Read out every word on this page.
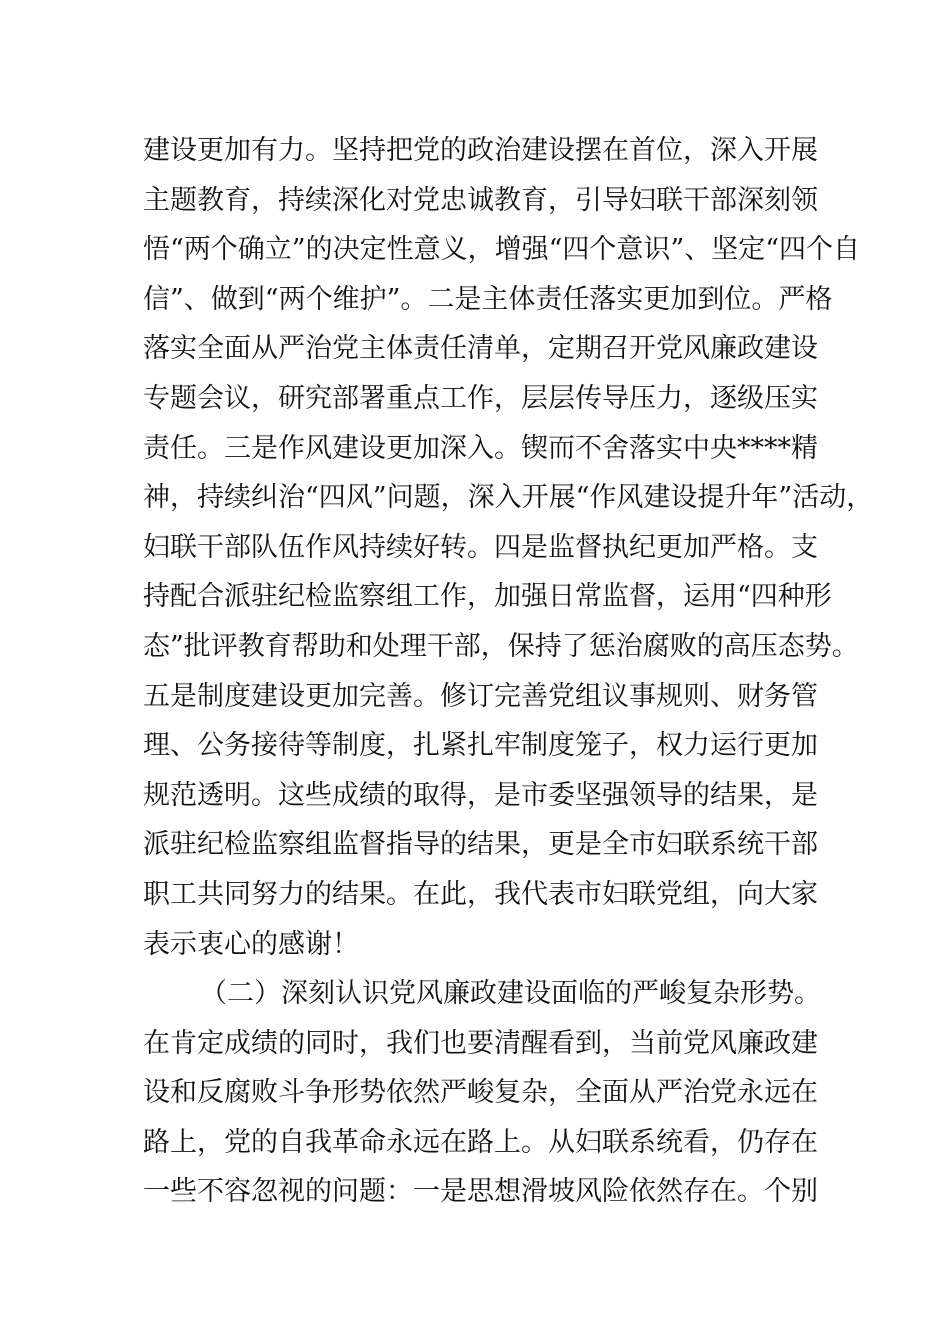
建设更加有力。坚持把党的政治建设摆在首位，深入开展
主题教育，持续深化对党忠诚教育，引导妇联干部深刻领
悟“两个确立”的决定性意义，增强“四个意识”、坚定“四个自
信”、做到“两个维护”。二是主体责任落实更加到位。严格
落实全面从严治党主体责任清单，定期召开党风廉政建设
专题会议，研究部署重点工作，层层传导压力，逐级压实
责任。三是作风建设更加深入。锲而不舍落实中央****精
神，持续纠治“四风”问题，深入开展“作风建设提升年”活动，
妇联干部队伍作风持续好转。四是监督执纪更加严格。支
持配合派驻纪检监察组工作，加强日常监督，运用“四种形
态”批评教育帮助和处理干部，保持了惩治腐败的高压态势。
五是制度建设更加完善。修订完善党组议事规则、财务管
理、公务接待等制度，扎紧扎牢制度笼子，权力运行更加
规范透明。这些成绩的取得，是市委坚强领导的结果，是
派驻纪检监察组监督指导的结果，更是全市妇联系统干部
职工共同努力的结果。在此，我代表市妇联党组，向大家
表示衷心的感谢！
（二）深刻认识党风廉政建设面临的严峻复杂形势。
在肯定成绩的同时，我们也要清醒看到，当前党风廉政建
设和反腐败斗争形势依然严峻复杂，全面从严治党永远在
路上，党的自我革命永远在路上。从妇联系统看，仍存在
一些不容忽视的问题：一是思想滑坡风险依然存在。个别
